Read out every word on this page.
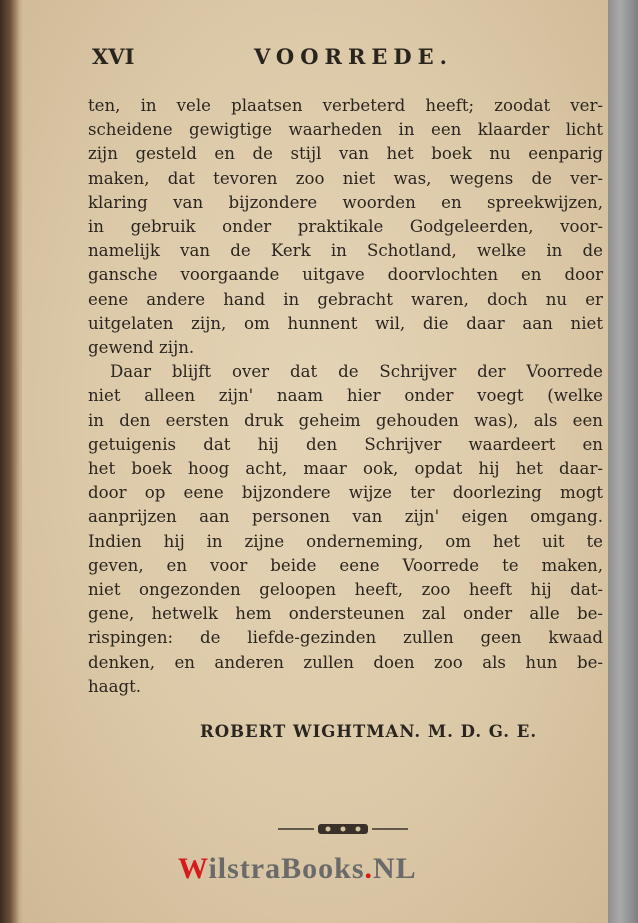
XVI	VOORREDE.
ten, in vele plaatsen verbeterd heeft; zoodat ver-
scheidene gewigtige waarheden in een klaarder licht
zijn gesteld en de stijl van het boek nu eenparig
maken, dat tevoren zoo niet was, wegens de ver-
klaring van bijzondere woorden en spreekwijzen,
in gebruik onder praktikale Godgeleerden, voor-
namelijk van de Kerk in Schotland, welke in de
gansche voorgaande uitgave doorvlochten en door
eene andere hand in gebracht waren, doch nu er
uitgelaten zijn, om hunnent wil, die daar aan niet
gewend zijn.
Daar blijft over dat de Schrijver der Voorrede
niet alleen zijn' naam hier onder voegt (welke
in den eersten druk geheim gehouden was), als een
getuigenis dat hij den Schrijver waardeert en
het boek hoog acht, maar ook, opdat hij het daar-
door op eene bijzondere wijze ter doorlezing mogt
aanprijzen aan personen van zijn' eigen omgang.
Indien hij in zijne onderneming, om het uit te
geven, en voor beide eene Voorrede te maken,
niet ongezonden geloopen heeft, zoo heeft hij dat-
gene, hetwelk hem ondersteunen zal onder alle be-
rispingen: de liefde-gezinden zullen geen kwaad
denken, en anderen zullen doen zoo als hun be-
haagt.
ROBERT WIGHTMAN. M. D. G. E.
WilstraBooks.NL
